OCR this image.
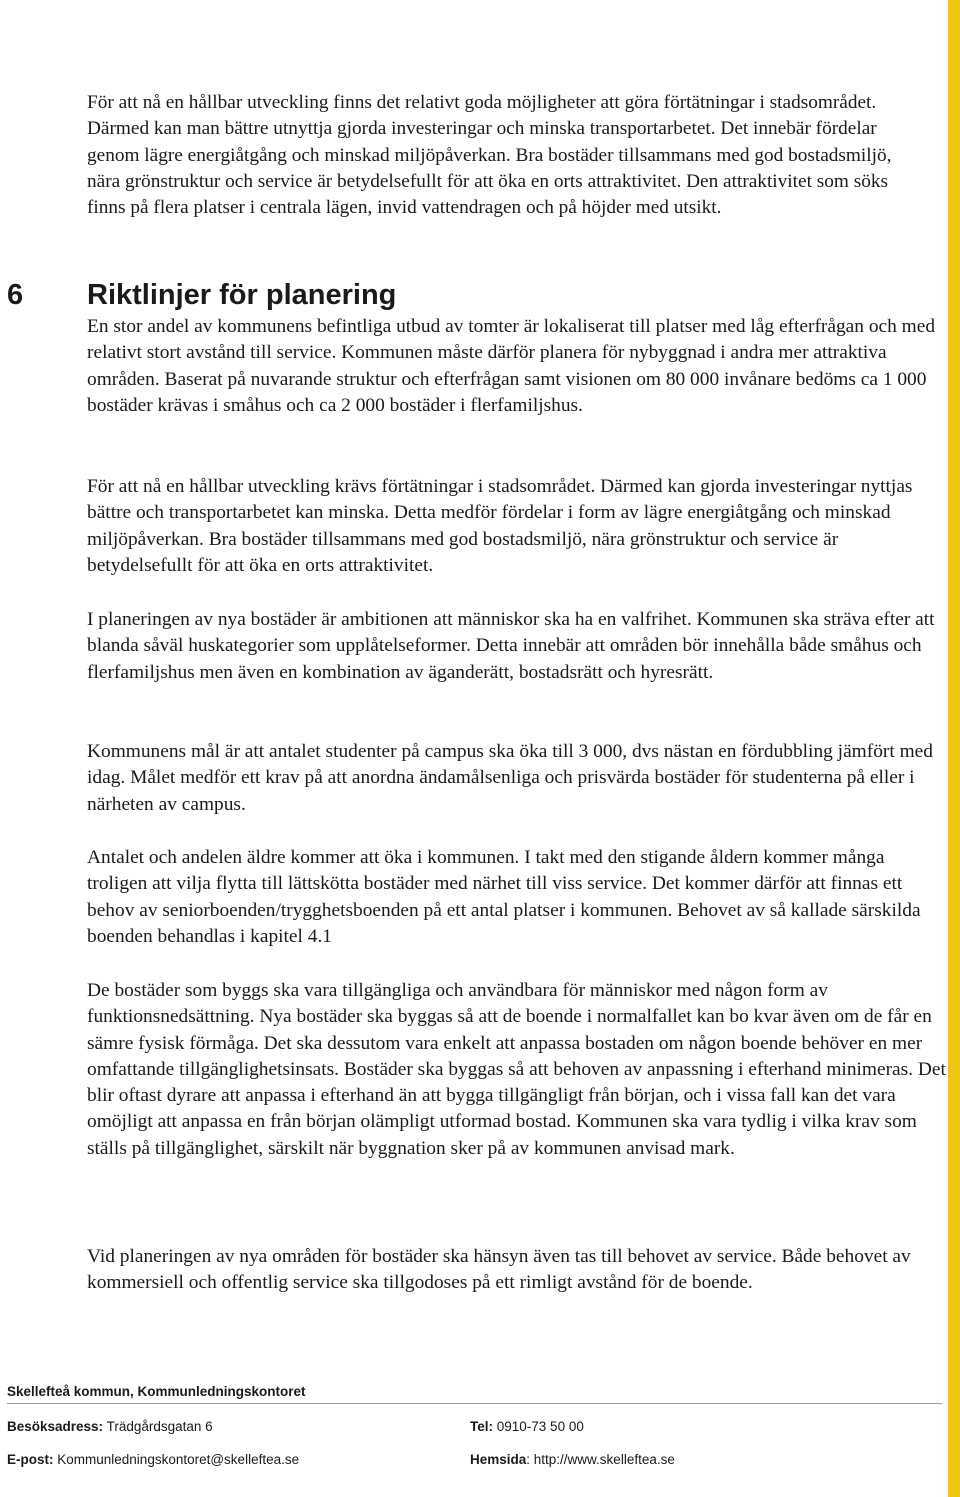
För att nå en hållbar utveckling finns det relativt goda möjligheter att göra förtätningar i stadsområdet. Därmed kan man bättre utnyttja gjorda investeringar och minska transportarbetet. Det innebär fördelar genom lägre energiåtgång och minskad miljöpåverkan. Bra bostäder tillsammans med god bostadsmiljö, nära grönstruktur och service är betydelsefullt för att öka en orts attraktivitet. Den attraktivitet som söks finns på flera platser i centrala lägen, invid vattendragen och på höjder med utsikt.

6 Riktlinjer för planering

En stor andel av kommunens befintliga utbud av tomter är lokaliserat till platser med låg efterfrågan och med relativt stort avstånd till service. Kommunen måste därför planera för nybyggnad i andra mer attraktiva områden. Baserat på nuvarande struktur och efterfrågan samt visionen om 80 000 invånare bedöms ca 1 000 bostäder krävas i småhus och ca 2 000 bostäder i flerfamiljshus.

För att nå en hållbar utveckling krävs förtätningar i stadsområdet. Därmed kan gjorda investeringar nyttjas bättre och transportarbetet kan minska. Detta medför fördelar i form av lägre energiåtgång och minskad miljöpåverkan. Bra bostäder tillsammans med god bostadsmiljö, nära grönstruktur och service är betydelsefullt för att öka en orts attraktivitet.

I planeringen av nya bostäder är ambitionen att människor ska ha en valfrihet. Kommunen ska sträva efter att blanda såväl huskategorier som upplåtelseformer. Detta innebär att områden bör innehålla både småhus och flerfamiljshus men även en kombination av äganderätt, bostadsrätt och hyresrätt.

Kommunens mål är att antalet studenter på campus ska öka till 3 000, dvs nästan en fördubbling jämfört med idag. Målet medför ett krav på att anordna ändamålsenliga och prisvärda bostäder för studenterna på eller i närheten av campus.

Antalet och andelen äldre kommer att öka i kommunen. I takt med den stigande åldern kommer många troligen att vilja flytta till lättskötta bostäder med närhet till viss service. Det kommer därför att finnas ett behov av seniorboenden/trygghetsboenden på ett antal platser i kommunen. Behovet av så kallade särskilda boenden behandlas i kapitel 4.1

De bostäder som byggs ska vara tillgängliga och användbara för människor med någon form av funktionsnedsättning. Nya bostäder ska byggas så att de boende i normalfallet kan bo kvar även om de får en sämre fysisk förmåga. Det ska dessutom vara enkelt att anpassa bostaden om någon boende behöver en mer omfattande tillgänglighetsinsats. Bostäder ska byggas så att behoven av anpassning i efterhand minimeras. Det blir oftast dyrare att anpassa i efterhand än att bygga tillgängligt från början, och i vissa fall kan det vara omöjligt att anpassa en från början olämpligt utformad bostad. Kommunen ska vara tydlig i vilka krav som ställs på tillgänglighet, särskilt när byggnation sker på av kommunen anvisad mark.

Vid planeringen av nya områden för bostäder ska hänsyn även tas till behovet av service. Både behovet av kommersiell och offentlig service ska tillgodoses på ett rimligt avstånd för de boende.

Skellefteå kommun, Kommunledningskontoret

Besöksadress: Trädgårdsgatan 6	Tel: 0910-73 50 00

E-post: Kommunledningskontoret@skelleftea.se	Hemsida: http://www.skelleftea.se
